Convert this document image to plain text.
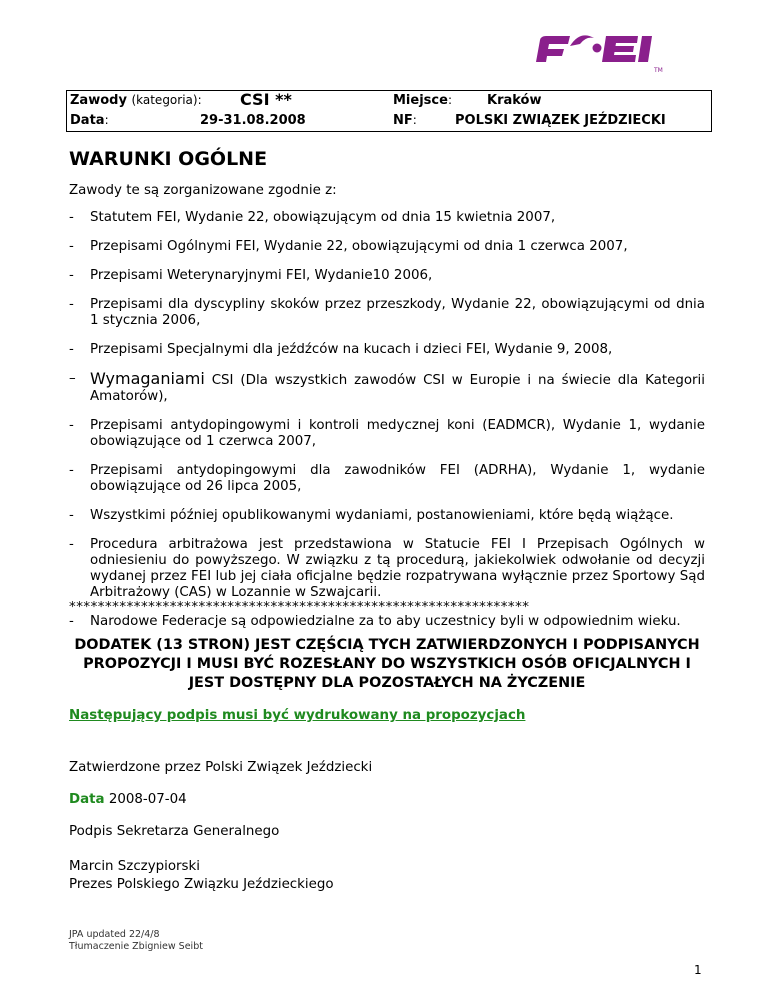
TM
Zawody (kategoria): CSI **	Miejsce:	Kraków
Data:	29-31.08.2008	NF:	POLSKI ZWIĄZEK JEŹDZIECKI
WARUNKI OGÓLNE
Zawody te są zorganizowane zgodnie z:
- Statutem FEI, Wydanie 22, obowiązującym od dnia 15 kwietnia 2007,
- Przepisami Ogólnymi FEI, Wydanie 22, obowiązującymi od dnia 1 czerwca 2007,
- Przepisami Weterynaryjnymi FEI, Wydanie10 2006,
- Przepisami dla dyscypliny skoków przez przeszkody, Wydanie 22, obowiązującymi od dnia 1 stycznia 2006,
- Przepisami Specjalnymi dla jeźdźców na kucach i dzieci FEI, Wydanie 9, 2008,
– Wymaganiami CSI (Dla wszystkich zawodów CSI w Europie i na świecie dla Kategorii Amatorów),
- Przepisami antydopingowymi i kontroli medycznej koni (EADMCR), Wydanie 1, wydanie obowiązujące od 1 czerwca 2007,
- Przepisami antydopingowymi dla zawodników FEI (ADRHA), Wydanie 1, wydanie obowiązujące od 26 lipca 2005,
- Wszystkimi później opublikowanymi wydaniami, postanowieniami, które będą wiążące.
- Procedura arbitrażowa jest przedstawiona w Statucie FEI I Przepisach Ogólnych w odniesieniu do powyższego. W związku z tą procedurą, jakiekolwiek odwołanie od decyzji wydanej przez FEI lub jej ciała oficjalne będzie rozpatrywana wyłącznie przez Sportowy Sąd Arbitrażowy (CAS) w Lozannie w Szwajcarii.
- Narodowe Federacje są odpowiedzialne za to aby uczestnicy byli w odpowiednim wieku.
****************************************************************
DODATEK (13 STRON) JEST CZĘŚCIĄ TYCH ZATWIERDZONYCH I PODPISANYCH PROPOZYCJI I MUSI BYĆ ROZESŁANY DO WSZYSTKICH OSÓB OFICJALNYCH I JEST DOSTĘPNY DLA POZOSTAŁYCH NA ŻYCZENIE
Następujący podpis musi być wydrukowany na propozycjach
Zatwierdzone przez Polski Związek Jeździecki
Data 2008-07-04
Podpis Sekretarza Generalnego
Marcin Szczypiorski
Prezes Polskiego Związku Jeździeckiego
JPA updated 22/4/8
Tłumaczenie Zbigniew Seibt
1
